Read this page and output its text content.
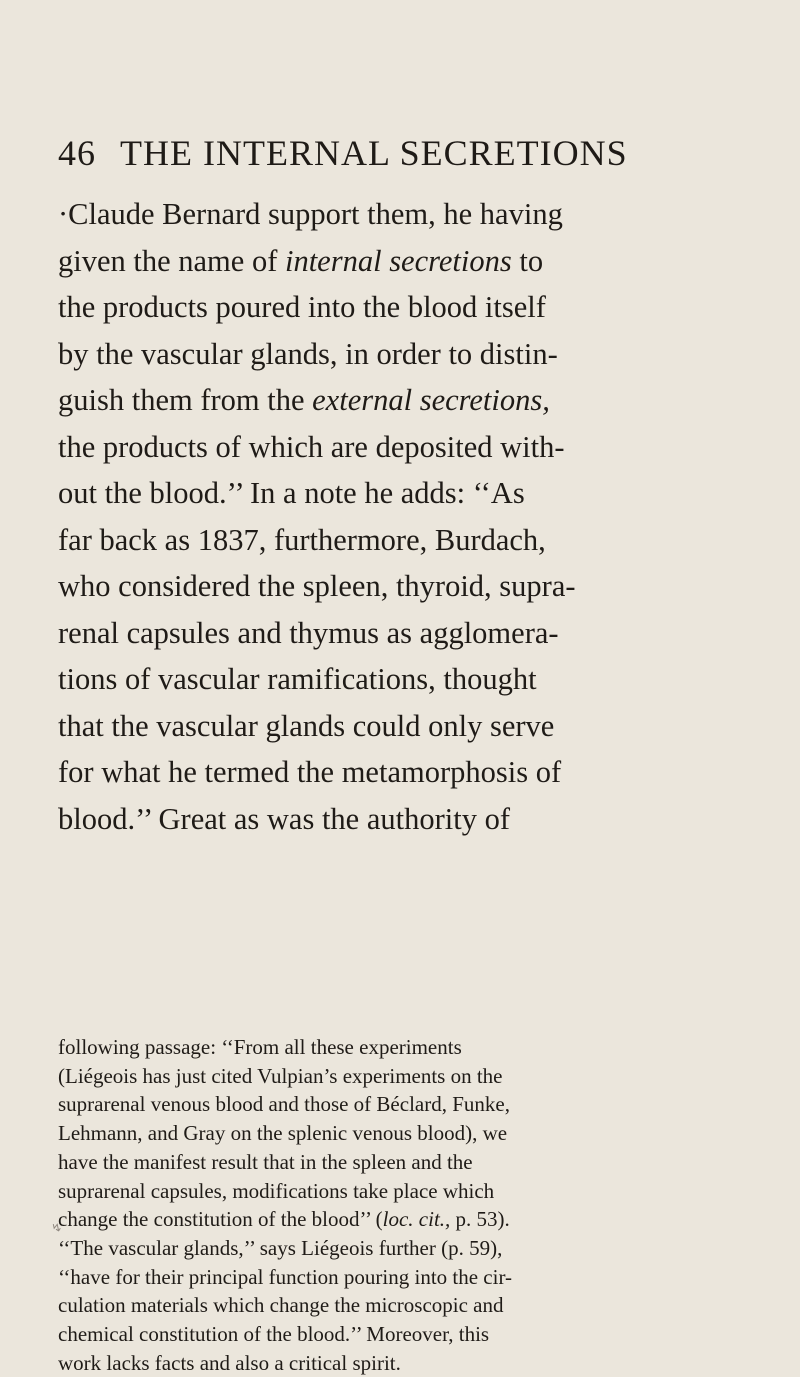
46 THE INTERNAL SECRETIONS
·Claude Bernard support them, he having
given the name of internal secretions to
the products poured into the blood itself
by the vascular glands, in order to distin-
guish them from the external secretions,
the products of which are deposited with-
out the blood.’’ In a note he adds: ‘‘As
far back as 1837, furthermore, Burdach,
who considered the spleen, thyroid, supra-
renal capsules and thymus as agglomera-
tions of vascular ramifications, thought
that the vascular glands could only serve
for what he termed the metamorphosis of
blood.’’ Great as was the authority of
following passage: ‘‘From all these experiments
(Liégeois has just cited Vulpian’s experiments on the
suprarenal venous blood and those of Béclard, Funke,
Lehmann, and Gray on the splenic venous blood), we
have the manifest result that in the spleen and the
suprarenal capsules, modifications take place which
change the constitution of the blood’’ (loc. cit., p. 53).
‘‘The vascular glands,’’ says Liégeois further (p. 59),
‘‘have for their principal function pouring into the cir-
culation materials which change the microscopic and
chemical constitution of the blood.’’ Moreover, this
work lacks facts and also a critical spirit.
↯
